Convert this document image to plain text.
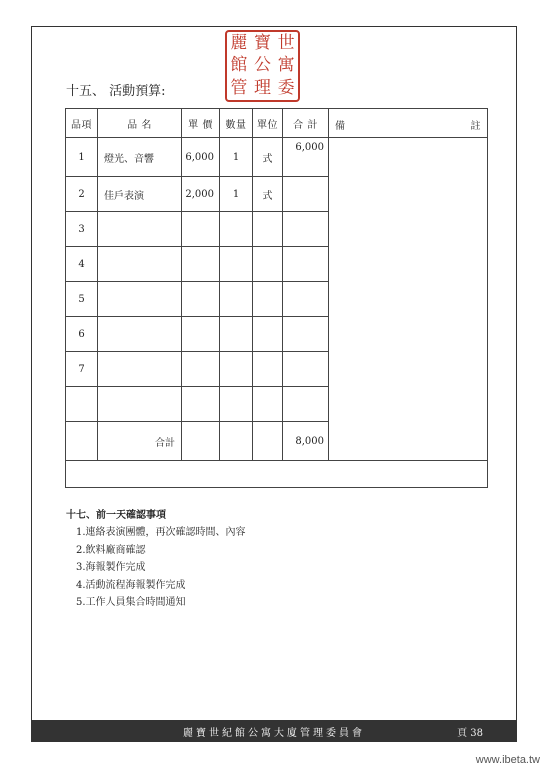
麗 寶 世
館 公 寓
管 理 委
十五、 活動預算:
品項	品 名	單 價	數量	單位	合 計	備 註

1	燈光、音響	6,000	1	式	6,000	
2	佳戶表演	2,000	1	式		
3						
4						
5						
6						
7						

	合計				8,000	

十七、前一天確認事項
1.連絡表演團體，再次確認時間、內容
2.飲料廠商確認
3.海報製作完成
4.活動流程海報製作完成
5.工作人員集合時間通知
麗寶世紀館公寓大廈管理委員會	頁 38
www.ibeta.tw
